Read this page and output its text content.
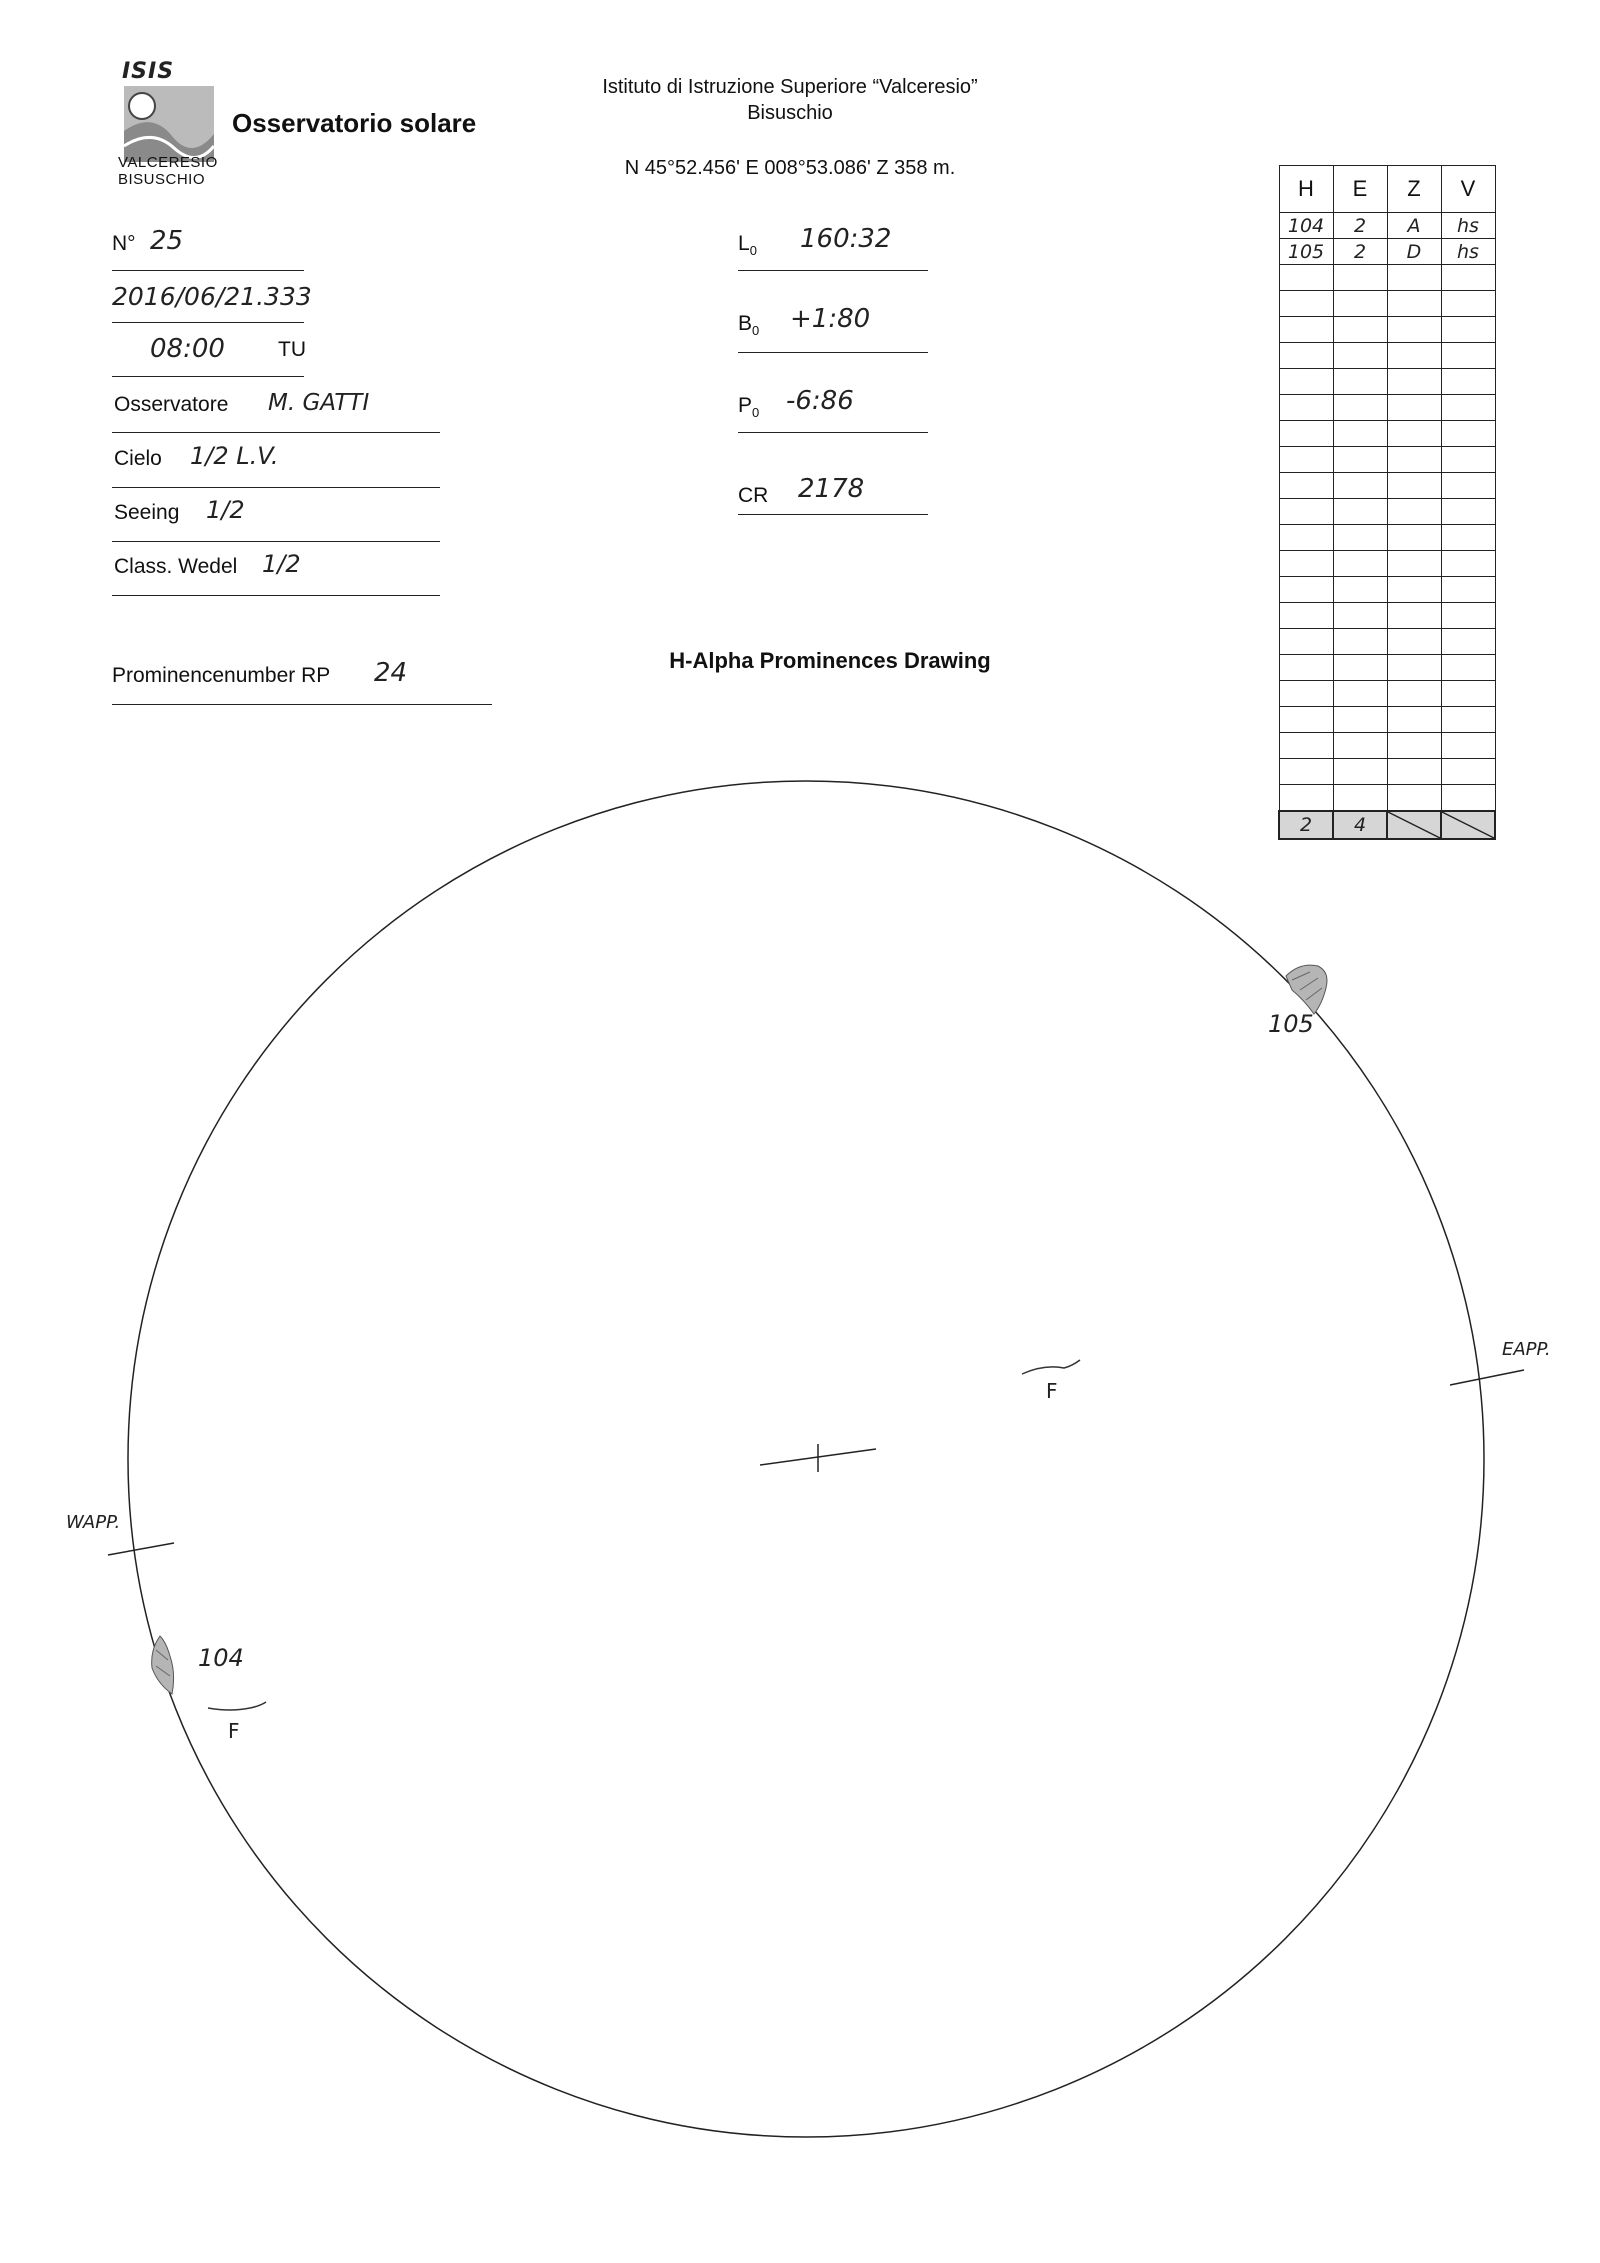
ISIS
Osservatorio solare
VALCERESIO
BISUSCHIO
Istituto di Istruzione Superiore “Valceresio”
Bisuschio
N 45°52.456' E 008°53.086' Z 358 m.
N° 25
2016/06/21.333
08:00	TU
Osservatore M. GATTI
Cielo 1/2 L.V.
Seeing 1/2
Class. Wedel 1/2
Prominencenumber RP 24
$L_0$ 160:32
$B_0$ +1:80
$P_0$ -6:86
CR 2178
H-Alpha Prominences Drawing
H	E	Z	V
104	2	A	hs
105	2	D	hs

2	4		
EAPP.
WAPP.
105
104
F
F
